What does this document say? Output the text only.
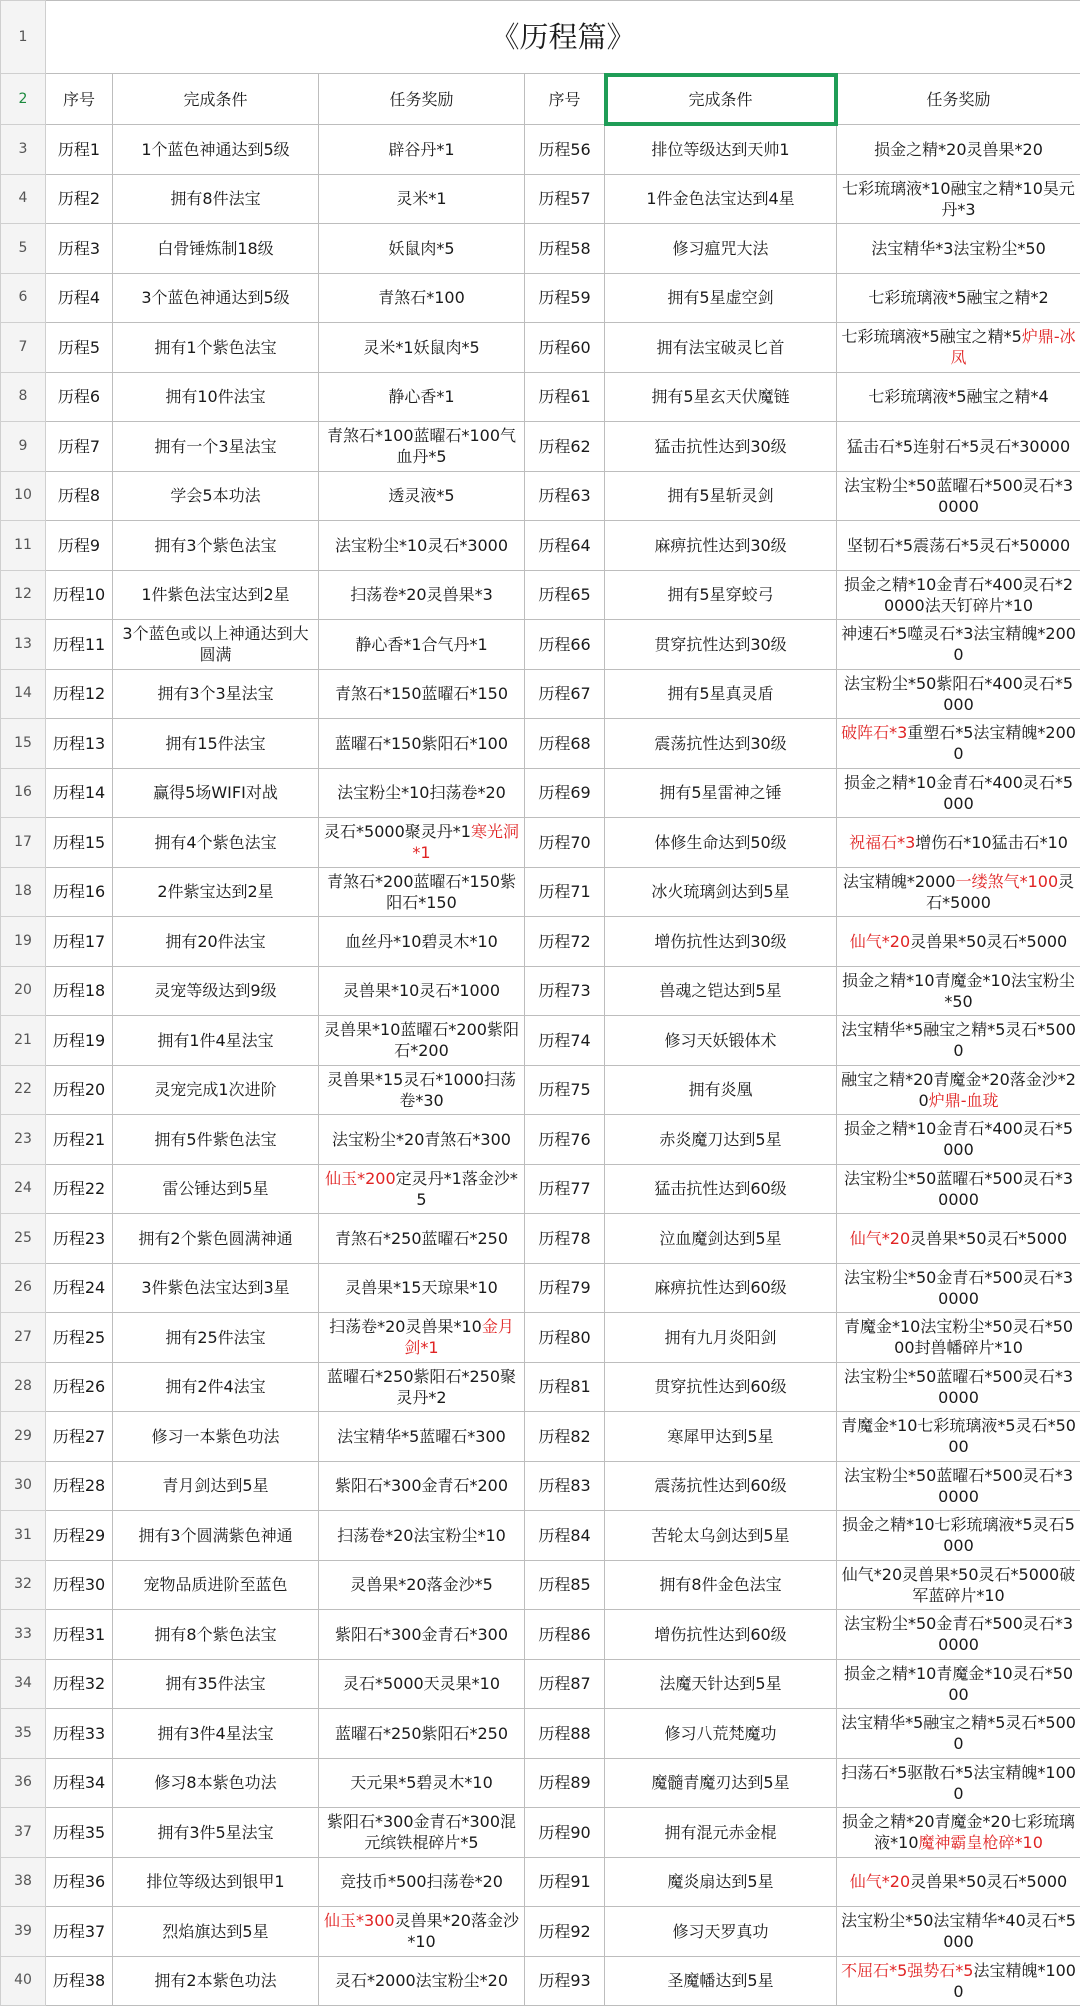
1	《历程篇》					
2	序号	完成条件	任务奖励	序号	完成条件	任务奖励
3	历程1	1个蓝色神通达到5级	辟谷丹*1	历程56	排位等级达到天帅1	损金之精*20灵兽果*20
4	历程2	拥有8件法宝	灵米*1	历程57	1件金色法宝达到4星	七彩琉璃液*10融宝之精*10昊元丹*3
5	历程3	白骨锤炼制18级	妖鼠肉*5	历程58	修习瘟咒大法	法宝精华*3法宝粉尘*50
6	历程4	3个蓝色神通达到5级	青煞石*100	历程59	拥有5星虚空剑	七彩琉璃液*5融宝之精*2
7	历程5	拥有1个紫色法宝	灵米*1妖鼠肉*5	历程60	拥有法宝破灵匕首	七彩琉璃液*5融宝之精*5炉鼎-冰凤
8	历程6	拥有10件法宝	静心香*1	历程61	拥有5星玄天伏魔链	七彩琉璃液*5融宝之精*4
9	历程7	拥有一个3星法宝	青煞石*100蓝曜石*100气血丹*5	历程62	猛击抗性达到30级	猛击石*5连射石*5灵石*30000
10	历程8	学会5本功法	透灵液*5	历程63	拥有5星斩灵剑	法宝粉尘*50蓝曜石*500灵石*30000
11	历程9	拥有3个紫色法宝	法宝粉尘*10灵石*3000	历程64	麻痹抗性达到30级	坚韧石*5震荡石*5灵石*50000
12	历程10	1件紫色法宝达到2星	扫荡卷*20灵兽果*3	历程65	拥有5星穿蛟弓	损金之精*10金青石*400灵石*20000法天钉碎片*10
13	历程11	3个蓝色或以上神通达到大圆满	静心香*1合气丹*1	历程66	贯穿抗性达到30级	神速石*5噬灵石*3法宝精魄*2000
14	历程12	拥有3个3星法宝	青煞石*150蓝曜石*150	历程67	拥有5星真灵盾	法宝粉尘*50紫阳石*400灵石*5000
15	历程13	拥有15件法宝	蓝曜石*150紫阳石*100	历程68	震荡抗性达到30级	破阵石*3重塑石*5法宝精魄*2000
16	历程14	赢得5场WIFI对战	法宝粉尘*10扫荡卷*20	历程69	拥有5星雷神之锤	损金之精*10金青石*400灵石*5000
17	历程15	拥有4个紫色法宝	灵石*5000聚灵丹*1寒光洞*1	历程70	体修生命达到50级	祝福石*3增伤石*10猛击石*10
18	历程16	2件紫宝达到2星	青煞石*200蓝曜石*150紫阳石*150	历程71	冰火琉璃剑达到5星	法宝精魄*2000一缕煞气*100灵石*5000
19	历程17	拥有20件法宝	血丝丹*10碧灵木*10	历程72	增伤抗性达到30级	仙气*20灵兽果*50灵石*5000
20	历程18	灵宠等级达到9级	灵兽果*10灵石*1000	历程73	兽魂之铠达到5星	损金之精*10青魔金*10法宝粉尘*50
21	历程19	拥有1件4星法宝	灵兽果*10蓝曜石*200紫阳石*200	历程74	修习天妖锻体术	法宝精华*5融宝之精*5灵石*5000
22	历程20	灵宠完成1次进阶	灵兽果*15灵石*1000扫荡卷*30	历程75	拥有炎凰	融宝之精*20青魔金*20落金沙*20炉鼎-血珑
23	历程21	拥有5件紫色法宝	法宝粉尘*20青煞石*300	历程76	赤炎魔刀达到5星	损金之精*10金青石*400灵石*5000
24	历程22	雷公锤达到5星	仙玉*200定灵丹*1落金沙*5	历程77	猛击抗性达到60级	法宝粉尘*50蓝曜石*500灵石*30000
25	历程23	拥有2个紫色圆满神通	青煞石*250蓝曜石*250	历程78	泣血魔剑达到5星	仙气*20灵兽果*50灵石*5000
26	历程24	3件紫色法宝达到3星	灵兽果*15天琼果*10	历程79	麻痹抗性达到60级	法宝粉尘*50金青石*500灵石*30000
27	历程25	拥有25件法宝	扫荡卷*20灵兽果*10金月剑*1	历程80	拥有九月炎阳剑	青魔金*10法宝粉尘*50灵石*5000封兽幡碎片*10
28	历程26	拥有2件4法宝	蓝曜石*250紫阳石*250聚灵丹*2	历程81	贯穿抗性达到60级	法宝粉尘*50蓝曜石*500灵石*30000
29	历程27	修习一本紫色功法	法宝精华*5蓝曜石*300	历程82	寒犀甲达到5星	青魔金*10七彩琉璃液*5灵石*5000
30	历程28	青月剑达到5星	紫阳石*300金青石*200	历程83	震荡抗性达到60级	法宝粉尘*50蓝曜石*500灵石*30000
31	历程29	拥有3个圆满紫色神通	扫荡卷*20法宝粉尘*10	历程84	苦轮太乌剑达到5星	损金之精*10七彩琉璃液*5灵石5000
32	历程30	宠物品质进阶至蓝色	灵兽果*20落金沙*5	历程85	拥有8件金色法宝	仙气*20灵兽果*50灵石*5000破军蓝碎片*10
33	历程31	拥有8个紫色法宝	紫阳石*300金青石*300	历程86	增伤抗性达到60级	法宝粉尘*50金青石*500灵石*30000
34	历程32	拥有35件法宝	灵石*5000天灵果*10	历程87	法魔天针达到5星	损金之精*10青魔金*10灵石*5000
35	历程33	拥有3件4星法宝	蓝曜石*250紫阳石*250	历程88	修习八荒梵魔功	法宝精华*5融宝之精*5灵石*5000
36	历程34	修习8本紫色功法	天元果*5碧灵木*10	历程89	魔髓青魔刃达到5星	扫荡石*5驱散石*5法宝精魄*1000
37	历程35	拥有3件5星法宝	紫阳石*300金青石*300混元缤铁棍碎片*5	历程90	拥有混元赤金棍	损金之精*20青魔金*20七彩琉璃液*10魔神霸皇枪碎*10
38	历程36	排位等级达到银甲1	竞技币*500扫荡卷*20	历程91	魔炎扇达到5星	仙气*20灵兽果*50灵石*5000
39	历程37	烈焰旗达到5星	仙玉*300灵兽果*20落金沙*10	历程92	修习天罗真功	法宝粉尘*50法宝精华*40灵石*5000
40	历程38	拥有2本紫色功法	灵石*2000法宝粉尘*20	历程93	圣魔幡达到5星	不屈石*5强势石*5法宝精魄*1000
